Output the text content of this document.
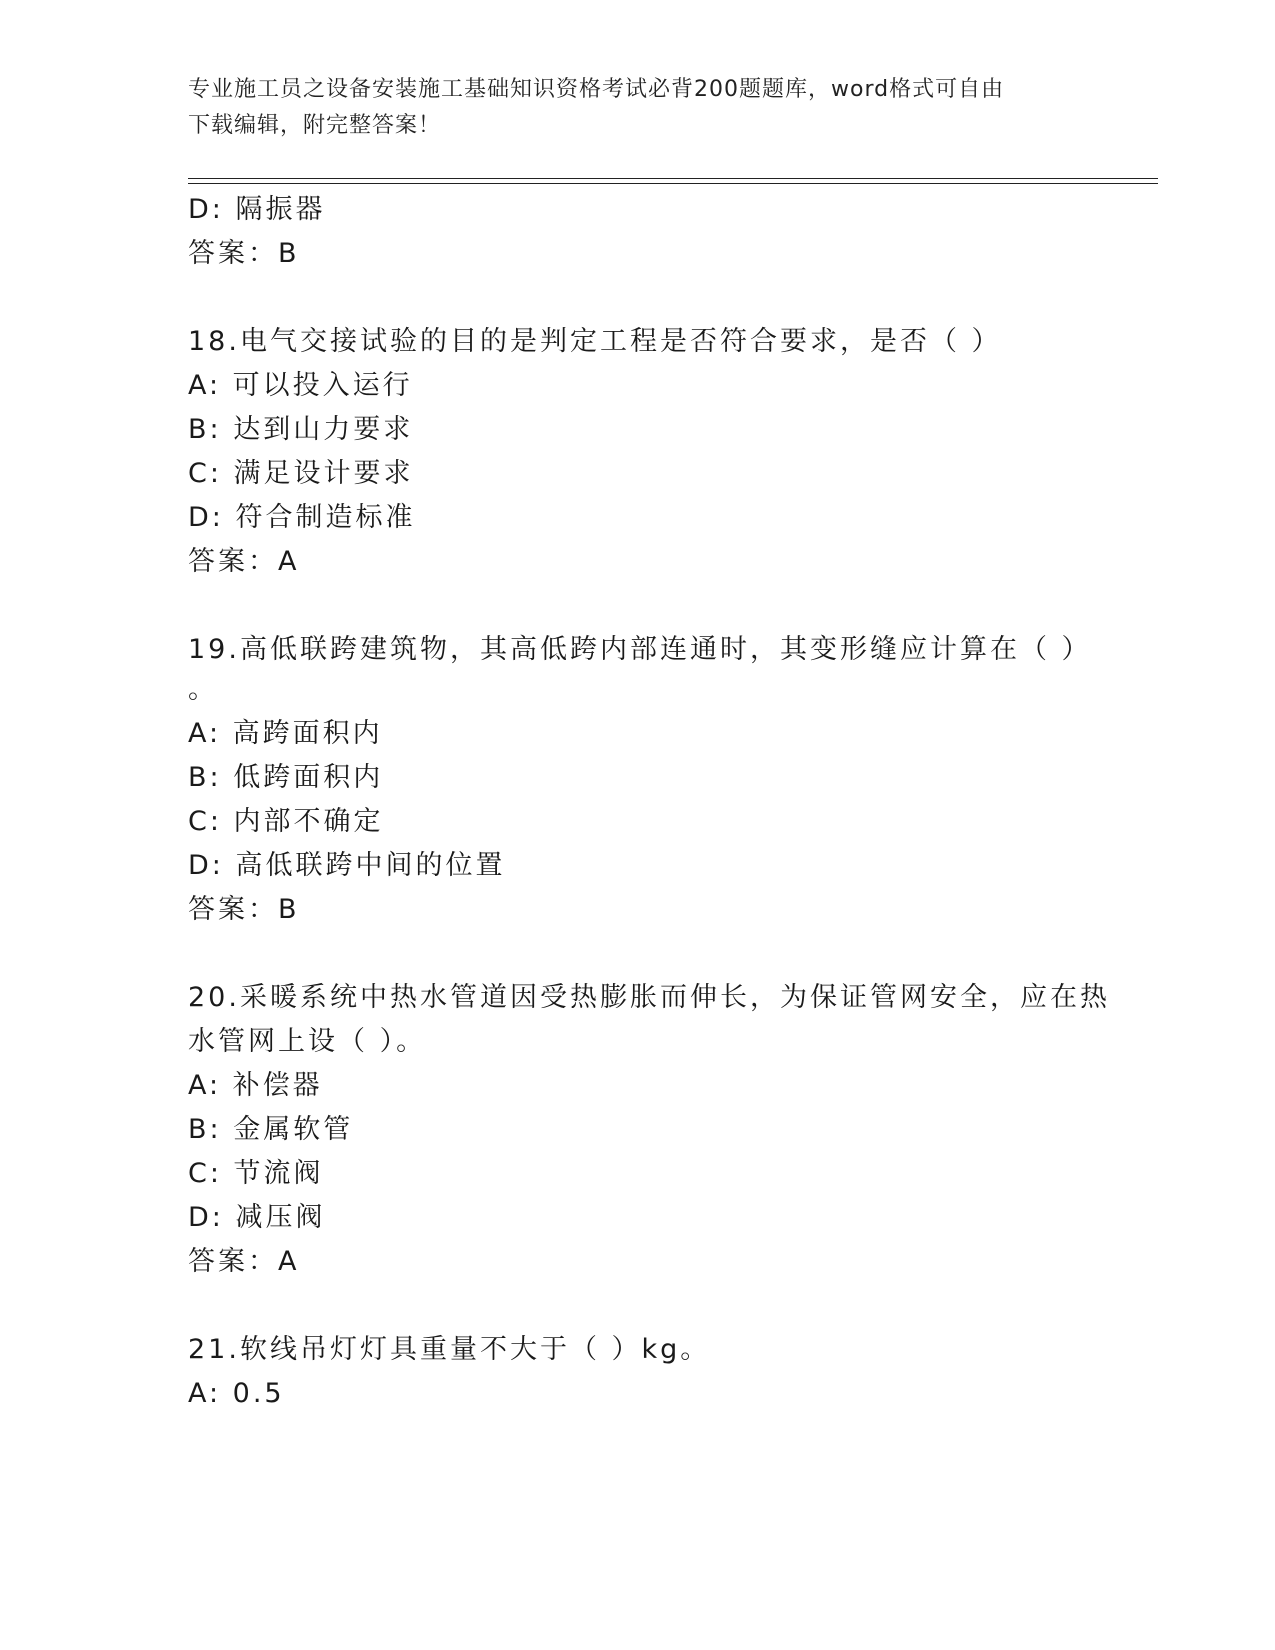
专业施工员之设备安装施工基础知识资格考试必背200题题库，word格式可自由
下载编辑，附完整答案！
D: 隔振器
答案：B
18.电气交接试验的目的是判定工程是否符合要求，是否（ ）
A: 可以投入运行
B: 达到山力要求
C: 满足设计要求
D: 符合制造标准
答案：A
19.高低联跨建筑物，其高低跨内部连通时，其变形缝应计算在（ ）
。
A: 高跨面积内
B: 低跨面积内
C: 内部不确定
D: 高低联跨中间的位置
答案：B
20.采暖系统中热水管道因受热膨胀而伸长，为保证管网安全，应在热
水管网上设（ ）。
A: 补偿器
B: 金属软管
C: 节流阀
D: 减压阀
答案：A
21.软线吊灯灯具重量不大于（ ）kg。
A: 0.5
